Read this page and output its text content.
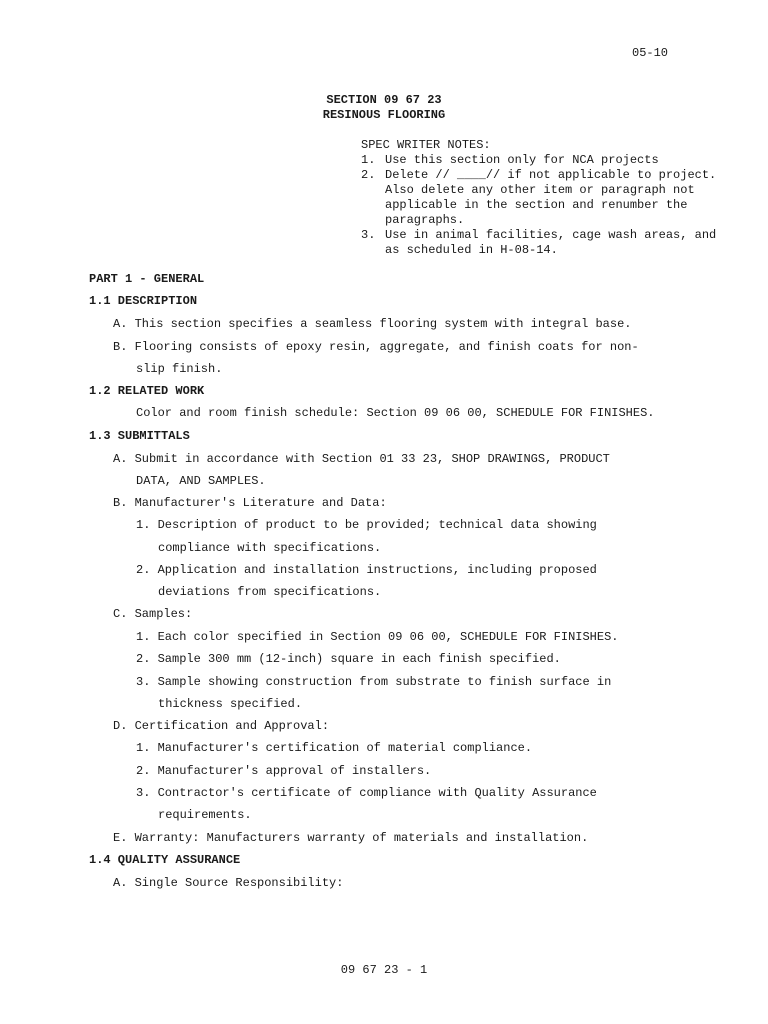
05-10
SECTION 09 67 23
RESINOUS FLOORING
SPEC WRITER NOTES:
1. Use this section only for NCA projects
2. Delete // ____// if not applicable to project. Also delete any other item or paragraph not applicable in the section and renumber the paragraphs.
3. Use in animal facilities, cage wash areas, and as scheduled in H-08-14.
PART 1 - GENERAL
1.1 DESCRIPTION
A. This section specifies a seamless flooring system with integral base.
B. Flooring consists of epoxy resin, aggregate, and finish coats for non-
slip finish.
1.2 RELATED WORK
Color and room finish schedule: Section 09 06 00, SCHEDULE FOR FINISHES.
1.3 SUBMITTALS
A. Submit in accordance with Section 01 33 23, SHOP DRAWINGS, PRODUCT
DATA, AND SAMPLES.
B. Manufacturer's Literature and Data:
1. Description of product to be provided; technical data showing
compliance with specifications.
2. Application and installation instructions, including proposed
deviations from specifications.
C. Samples:
1. Each color specified in Section 09 06 00, SCHEDULE FOR FINISHES.
2. Sample 300 mm (12-inch) square in each finish specified.
3. Sample showing construction from substrate to finish surface in
thickness specified.
D. Certification and Approval:
1. Manufacturer's certification of material compliance.
2. Manufacturer's approval of installers.
3. Contractor's certificate of compliance with Quality Assurance
requirements.
E. Warranty: Manufacturers warranty of materials and installation.
1.4 QUALITY ASSURANCE
A. Single Source Responsibility:
09 67 23 - 1
